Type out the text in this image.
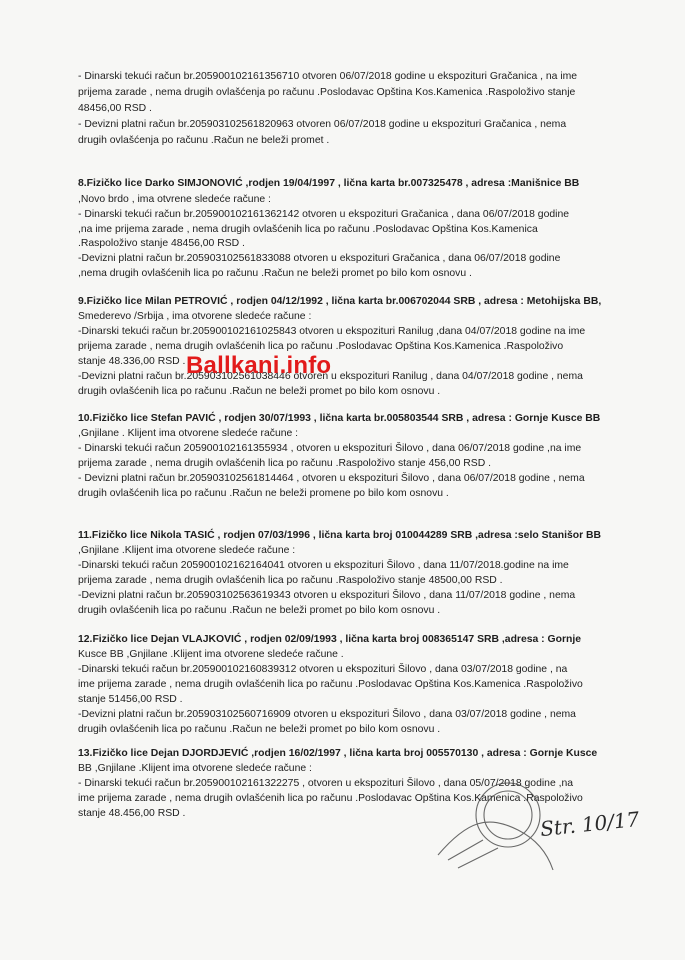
- Dinarski tekući račun br.205900102161356710 otvoren 06/07/2018 godine u ekspozituri Gračanica , na ime
prijema zarade , nema drugih ovlašćenja po računu .Poslodavac Opština Kos.Kamenica .Raspoloživo stanje
48456,00 RSD .
- Devizni platni račun br.205903102561820963 otvoren 06/07/2018 godine u ekspozituri Gračanica , nema
drugih ovlašćenja po računu .Račun ne beleži promet .
8.Fizičko lice Darko SIMJONOVIĆ ,rodjen 19/04/1997 , lična karta br.007325478 , adresa :Manišnice BB
,Novo brdo , ima otvrene sledeće račune :
- Dinarski tekući račun br.205900102161362142 otvoren u ekspozituri Gračanica , dana 06/07/2018 godine
,na ime prijema zarade , nema drugih ovlašćenih lica po računu .Poslodavac Opština Kos.Kamenica
.Raspoloživo stanje 48456,00 RSD .
-Devizni platni račun br.205903102561833088 otvoren u ekspozituri Gračanica , dana 06/07/2018 godine
,nema drugih ovlašćenih lica po računu .Račun ne beleži promet po bilo kom osnovu .
9.Fizičko lice Milan PETROVIĆ , rodjen 04/12/1992 , lična karta br.006702044 SRB , adresa : Metohijska BB,
Smederevo /Srbija , ima otvorene sledeće račune :
-Dinarski tekući račun br.205900102161025843 otvoren u ekspozituri Ranilug ,dana 04/07/2018 godine na ime
prijema zarade , nema drugih ovlašćenih lica po računu .Poslodavac Opština Kos.Kamenica .Raspoloživo
stanje 48.336,00 RSD .
-Devizni platni račun br.205903102561038446 otvoren u ekspozituri Ranilug , dana 04/07/2018 godine , nema
drugih ovlašćenih lica po računu .Račun ne beleži promet po bilo kom osnovu .
10.Fizičko lice Stefan PAVIĆ , rodjen 30/07/1993 , lična karta br.005803544 SRB , adresa : Gornje Kusce BB
,Gnjilane . Klijent ima otvorene sledeće račune :
- Dinarski tekući račun 205900102161355934 , otvoren u ekspozituri Šilovo , dana 06/07/2018 godine ,na ime
prijema zarade , nema drugih ovlašćenih lica po računu .Raspoloživo stanje 456,00 RSD .
- Devizni platni račun br.205903102561814464 , otvoren u ekspozituri Šilovo , dana 06/07/2018 godine , nema
drugih ovlašćenih lica po računu .Račun ne beleži promene po bilo kom osnovu .
11.Fizičko lice Nikola TASIĆ , rodjen 07/03/1996 , lična karta broj 010044289 SRB ,adresa :selo Stanišor BB
,Gnjilane .Klijent ima otvorene sledeće račune :
-Dinarski tekući račun 205900102162164041 otvoren u ekspozituri Šilovo , dana 11/07/2018.godine na ime
prijema zarade , nema drugih ovlašćenih lica po računu .Raspoloživo stanje 48500,00 RSD .
-Devizni platni račun br.205903102563619343 otvoren u ekspozituri Šilovo , dana 11/07/2018 godine , nema
drugih ovlašćenih lica po računu .Račun ne beleži promet po bilo kom osnovu .
12.Fizičko lice Dejan VLAJKOVIĆ , rodjen 02/09/1993 , lična karta broj 008365147 SRB ,adresa : Gornje
Kusce BB ,Gnjilane .Klijent ima otvorene sledeće račune .
-Dinarski tekući račun br.205900102160839312 otvoren u ekspozituri Šilovo , dana 03/07/2018 godine , na
ime prijema zarade , nema drugih ovlašćenih lica po računu .Poslodavac Opština Kos.Kamenica .Raspoloživo
stanje 51456,00 RSD .
-Devizni platni račun br.205903102560716909 otvoren u ekspozituri Šilovo , dana 03/07/2018 godine , nema
drugih ovlašćenih lica po računu .Račun ne beleži promet po bilo kom osnovu .
13.Fizičko lice Dejan DJORDJEVIĆ ,rodjen 16/02/1997 , lična karta broj 005570130 , adresa : Gornje Kusce
BB ,Gnjilane .Klijent ima otvorene sledeće račune :
- Dinarski tekući račun br.205900102161322275 , otvoren u ekspozituri Šilovo , dana 05/07/2018 godine ,na
ime prijema zarade , nema drugih ovlašćenih lica po računu .Poslodavac Opština Kos.Kamenica .Raspoloživo
stanje 48.456,00 RSD .
Ballkani.info
Str. 10/17
